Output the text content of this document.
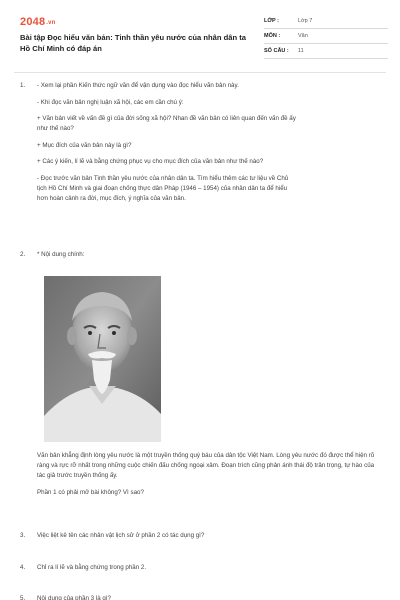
2048.vn
Bài tập Đọc hiểu văn bản: Tinh thần yêu nước của nhân dân ta Hồ Chí Minh có đáp án
LỚP :	Lớp 7
MÔN :	Văn
SỐ CÂU :	11
1.	- Xem lại phần Kiến thức ngữ văn để vận dụng vào đọc hiểu văn bản này.

- Khi đọc văn bản nghị luận xã hội, các em cần chú ý:

+ Văn bản viết về vấn đề gì của đời sống xã hội? Nhan đề văn bản có liên quan đến vấn đề ấy như thế nào?

+ Mục đích của văn bản này là gì?

+ Các ý kiến, lí lẽ và bằng chứng phục vụ cho mục đích của văn bản như thế nào?

- Đọc trước văn bản Tinh thần yêu nước của nhân dân ta. Tìm hiểu thêm các tư liệu về Chủ tịch Hồ Chí Minh và giai đoạn chống thực dân Pháp (1946 – 1954) của nhân dân ta để hiểu hơn hoàn cảnh ra đời, mục đích, ý nghĩa của văn bản.

2.	* Nội dung chính:

Văn bản khẳng định lòng yêu nước là một truyền thống quý báu của dân tộc Việt Nam. Lòng yêu nước đó được thể hiện rõ ràng và rực rỡ nhất trong những cuộc chiến đấu chống ngoại xâm. Đoạn trích cũng phản ánh thái độ trân trọng, tự hào của tác giả trước truyền thống ấy.

Phần 1 có phải mở bài không? Vì sao?

3.	Việc liệt kê tên các nhân vật lịch sử ở phần 2 có tác dụng gì?

4.	Chỉ ra lí lẽ và bằng chứng trong phần 2.

5.	Nội dung của phần 3 là gì?
